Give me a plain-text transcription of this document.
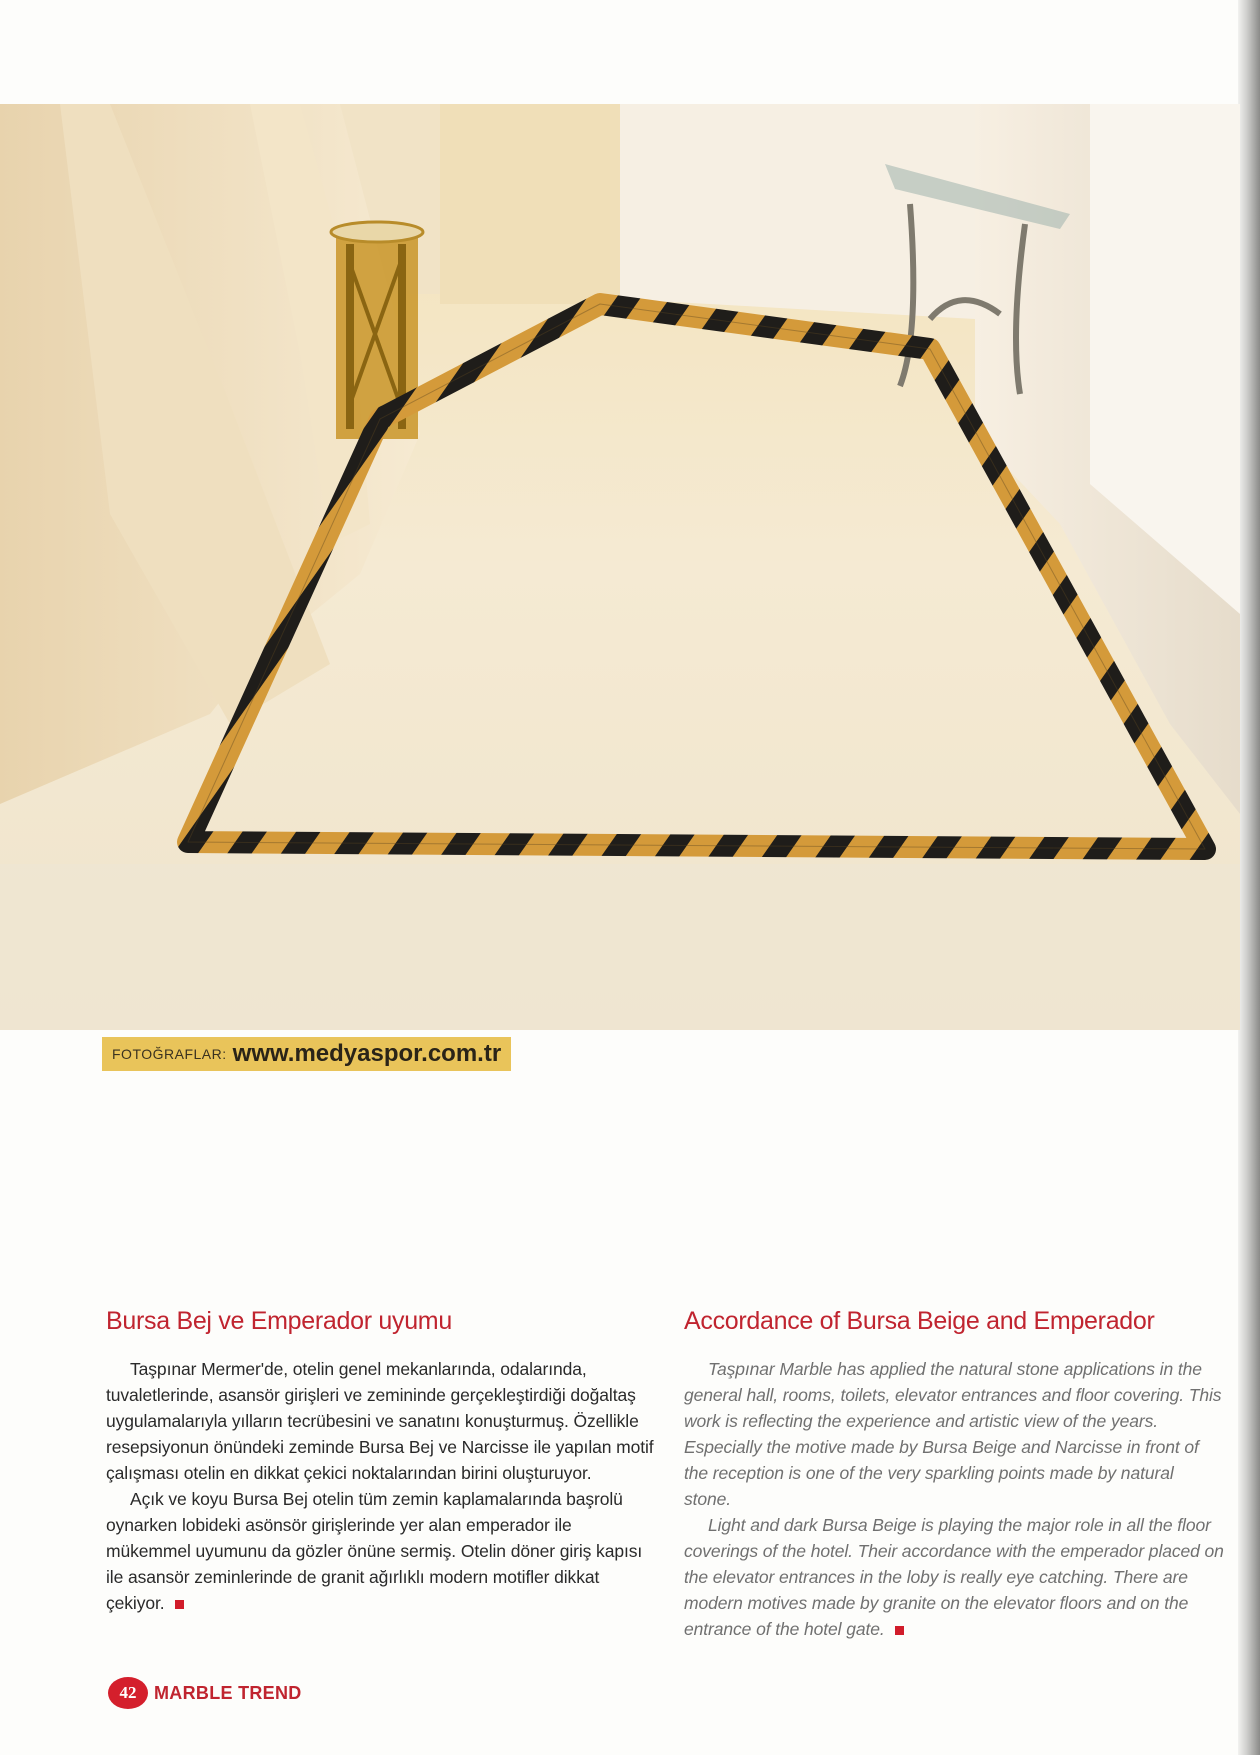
FOTOĞRAFLAR: www.medyaspor.com.tr
Bursa Bej ve Emperador uyumu

Taşpınar Mermer'de, otelin genel mekanlarında, odalarında, tuvaletlerinde, asansör girişleri ve zemininde gerçekleştirdiği doğaltaş uygulamalarıyla yılların tecrübesini ve sanatını konuşturmuş. Özellikle resepsiyonun önündeki zeminde Bursa Bej ve Narcisse ile yapılan motif çalışması otelin en dikkat çekici noktalarından birini oluşturuyor.

Açık ve koyu Bursa Bej otelin tüm zemin kaplamalarında başrolü oynarken lobideki asönsör girişlerinde yer alan emperador ile mükemmel uyumunu da gözler önüne sermiş. Otelin döner giriş kapısı ile asansör zeminlerinde de granit ağırlıklı modern motifler dikkat çekiyor.

Accordance of Bursa Beige and Emperador

Taşpınar Marble has applied the natural stone applications in the general hall, rooms, toilets, elevator entrances and floor covering. This work is reflecting the experience and artistic view of the years. Especially the motive made by Bursa Beige and Narcisse in front of the reception is one of the very sparkling points made by natural stone.

Light and dark Bursa Beige is playing the major role in all the floor coverings of the hotel. Their accordance with the emperador placed on the elevator entrances in the loby is really eye catching. There are modern motives made by granite on the elevator floors and on the entrance of the hotel gate.

42 MARBLE TREND
